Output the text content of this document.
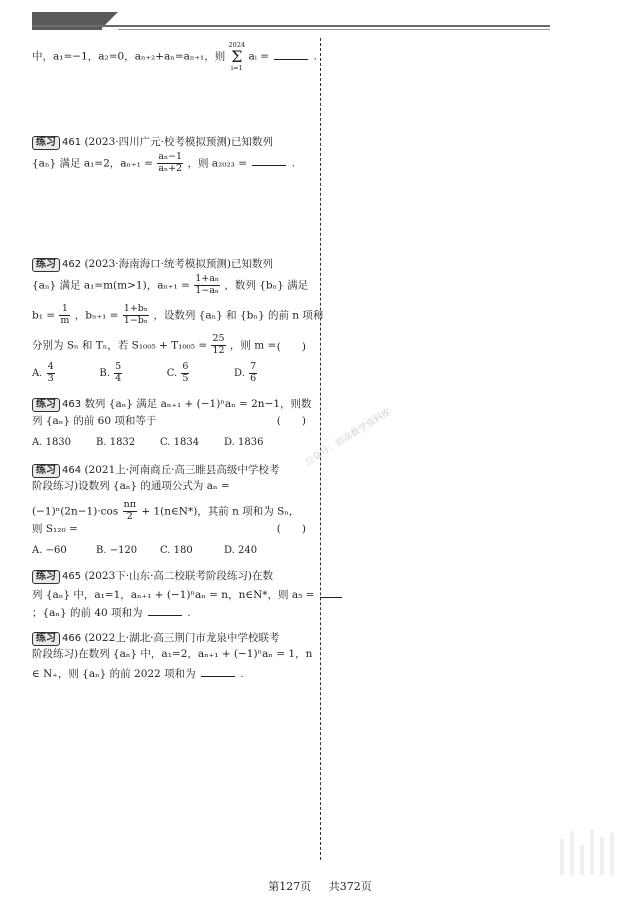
中，a₁=−1，a₂=0，aₙ₊₂+aₙ=aₙ₊₁，则
2024
Σ
i=1
aᵢ =	.
练习 461 (2023·四川广元·校考模拟预测)已知数列
{aₙ} 满足 a₁=2，$a_{n+1} = \frac{\text{aₙ−1}}{\text{aₙ+2}}$ ，则 a₂₀₂₃ =	.
练习 462 (2023·海南海口·统考模拟预测)已知数列
{aₙ} 满足 a₁=m(m>1)，$a_{n+1} = \frac{\text{1+aₙ}}{\text{1−aₙ}}$ ，数列 {bₙ} 满足
$b_1 = \frac{1}{m}$ ，$b_{n+1} = \frac{\text{1+bₙ}}{\text{1−bₙ}}$ ，设数列 {aₙ} 和 {bₙ} 的前 n 项和
分别为 Sₙ 和 Tₙ，若 $S_{1005} + T_{1005} = \frac{25}{12}$ ，则 m = (　　)
A. $\frac{4}{3}$	B. $\frac{5}{4}$	C. $\frac{6}{5}$	D. $\frac{7}{6}$
练习 463 数列 {aₙ} 满足 aₙ₊₁ + (−1)ⁿaₙ = 2n−1，则数
列 {aₙ} 的前 60 项和等于	(　　)
A. 1830 B. 1832 C. 1834 D. 1836
练习 464 (2021上·河南商丘·高三睢县高级中学校考
阶段练习)设数列 {aₙ} 的通项公式为 aₙ =
$(-1)^n(2n-1)\cdot\cos \frac{n\pi}{2}$ + 1(n∈N*)，其前 n 项和为 Sₙ，
则 S₁₂₀ =	(　　)
A. −60	B. −120 C. 180	D. 240
练习 465 (2023下·山东·高二校联考阶段练习)在数
列 {aₙ} 中，a₁=1，aₙ₊₁ + (−1)ⁿaₙ = n，n∈N*，则 a₅ =
；{aₙ} 的前 40 项和为	.
练习 466 (2022上·湖北·高三荆门市龙泉中学校联考
阶段练习)在数列 {aₙ} 中，a₁=2，aₙ₊₁ + (−1)ⁿaₙ = 1，n
∈ N₊，则 {aₙ} 的前 2022 项和为	.
公众号：初高数学资料库
第127页 共372页
